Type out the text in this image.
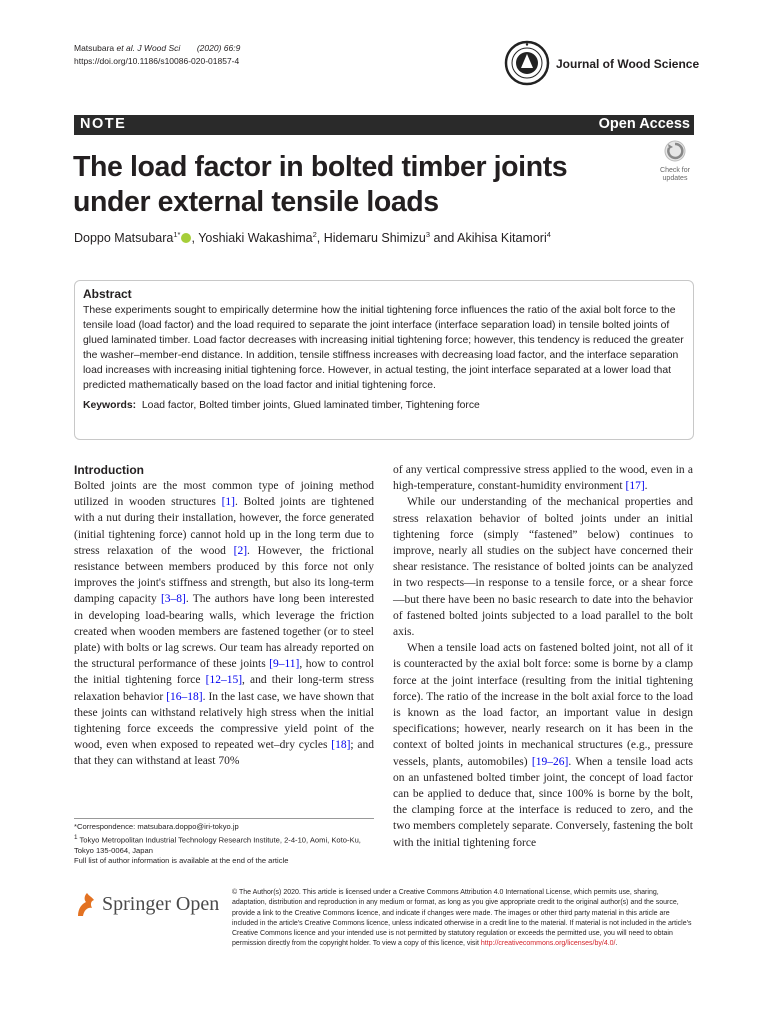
Matsubara et al. J Wood Sci (2020) 66:9
https://doi.org/10.1186/s10086-020-01857-4	Journal of Wood Science
NOTE	Open Access
The load factor in bolted timber joints under external tensile loads
Check for
updates
Doppo Matsubara$^{1*}$ , Yoshiaki Wakashima$^2$, Hidemaru Shimizu$^3$ and Akihisa Kitamori$^4$
Abstract

These experiments sought to empirically determine how the initial tightening force influences the ratio of the axial bolt force to the tensile load (load factor) and the load required to separate the joint interface (interface separation load) in tensile bolted joints of glued laminated timber. Load factor decreases with increasing initial tightening force; however, this tendency is reduced the greater the washer–member-end distance. In addition, tensile stiffness increases with decreasing load factor, and the interface separation load increases with increasing initial tightening force. However, in actual testing, the joint interface separated at a lower load that predicted mathematically based on the load factor and initial tightening force.

Keywords: Load factor, Bolted timber joints, Glued laminated timber, Tightening force

Introduction

Bolted joints are the most common type of joining method utilized in wooden structures [1]. Bolted joints are tightened with a nut during their installation, however, the force generated (initial tightening force) cannot hold up in the long term due to stress relaxation of the wood [2]. However, the frictional resistance between members produced by this force not only improves the joint's stiffness and strength, but also its long-term damping capacity [3–8]. The authors have long been interested in developing load-bearing walls, which leverage the friction created when wooden members are fastened together (or to steel plate) with bolts or lag screws. Our team has already reported on the structural performance of these joints [9–11], how to control the initial tightening force [12–15], and their long-term stress relaxation behavior [16–18]. In the last case, we have shown that these joints can withstand relatively high stress when the initial tightening force exceeds the compressive yield point of the wood, even when exposed to repeated wet–dry cycles [18]; and that they can withstand at least 70%

of any vertical compressive stress applied to the wood, even in a high-temperature, constant-humidity environment [17].

While our understanding of the mechanical properties and stress relaxation behavior of bolted joints under an initial tightening force (simply “fastened” below) continues to improve, nearly all studies on the subject have concerned their shear resistance. The resistance of bolted joints can be analyzed in two respects—in response to a tensile force, or a shear force—but there have been no basic research to date into the behavior of fastened bolted joints subjected to a load parallel to the bolt axis.

When a tensile load acts on fastened bolted joint, not all of it is counteracted by the axial bolt force: some is borne by a clamp force at the joint interface (resulting from the initial tightening force). The ratio of the increase in the bolt axial force to the load is known as the load factor, an important value in design specifications; however, nearly research on it has been in the context of bolted joints in mechanical structures (e.g., pressure vessels, plants, automobiles) [19–26]. When a tensile load acts on an unfastened bolted timber joint, the concept of load factor can be applied to deduce that, since 100% is borne by the bolt, the clamping force at the interface is reduced to zero, and the two members completely separate. Conversely, fastening the bolt with the initial tightening force

*Correspondence: matsubara.doppo@iri-tokyo.jp
$^1$ Tokyo Metropolitan Industrial Technology Research Institute, 2-4-10, Aomi, Koto-Ku, Tokyo 135-0064, Japan
Full list of author information is available at the end of the article
Springer Open
© The Author(s) 2020. This article is licensed under a Creative Commons Attribution 4.0 International License, which permits use, sharing, adaptation, distribution and reproduction in any medium or format, as long as you give appropriate credit to the original author(s) and the source, provide a link to the Creative Commons licence, and indicate if changes were made. The images or other third party material in this article are included in the article's Creative Commons licence, unless indicated otherwise in a credit line to the material. If material is not included in the article's Creative Commons licence and your intended use is not permitted by statutory regulation or exceeds the permitted use, you will need to obtain permission directly from the copyright holder. To view a copy of this licence, visit http://creativecommons.org/licenses/by/4.0/.
